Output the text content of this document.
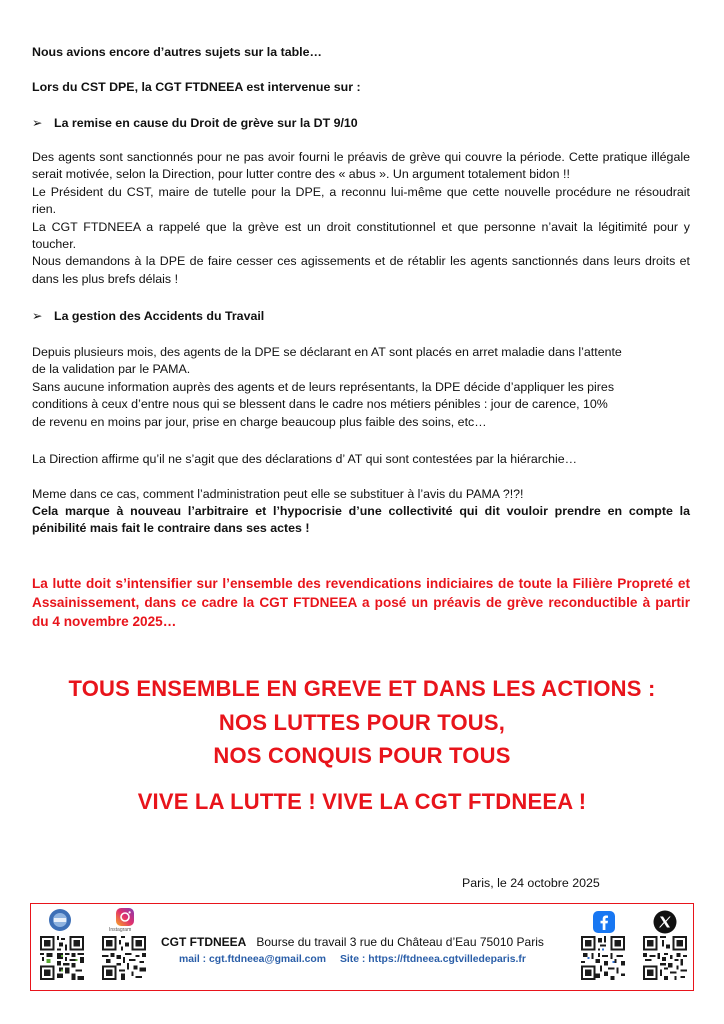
Nous avions encore d’autres sujets sur la table…
Lors du CST DPE, la CGT FTDNEEA est intervenue sur :
➢ La remise en cause du Droit de grève sur la DT 9/10
Des agents sont sanctionnés pour ne pas avoir fourni le préavis de grève qui couvre la période. Cette pratique illégale serait motivée, selon la Direction, pour lutter contre des « abus ». Un argument totalement bidon !!
Le Président du CST, maire de tutelle pour la DPE, a reconnu lui-même que cette nouvelle procédure ne résoudrait rien.
La CGT FTDNEEA a rappelé que la grève est un droit constitutionnel et que personne n’avait la légitimité pour y toucher.
Nous demandons à la DPE de faire cesser ces agissements et de rétablir les agents sanctionnés dans leurs droits et dans les plus brefs délais !
➢ La gestion des Accidents du Travail
Depuis plusieurs mois, des agents de la DPE se déclarant en AT sont placés en arret maladie dans l’attente
de la validation par le PAMA.
Sans aucune information auprès des agents et de leurs représentants, la DPE décide d’appliquer les pires
conditions à ceux d’entre nous qui se blessent dans le cadre nos métiers pénibles : jour de carence, 10%
de revenu en moins par jour, prise en charge beaucoup plus faible des soins, etc…
La Direction affirme qu’il ne s’agit que des déclarations d’ AT qui sont contestées par la hiérarchie…
Meme dans ce cas, comment l’administration peut elle se substituer à l’avis du PAMA ?!?!
Cela marque à nouveau l’arbitraire et l’hypocrisie d’une collectivité qui dit vouloir prendre en compte la pénibilité mais fait le contraire dans ses actes !
La lutte doit s’intensifier sur l’ensemble des revendications indiciaires de toute la Filière Propreté et Assainissement, dans ce cadre la CGT FTDNEEA a posé un préavis de grève reconductible à partir du 4 novembre 2025…
TOUS ENSEMBLE EN GREVE ET DANS LES ACTIONS :
NOS LUTTES POUR TOUS,
NOS CONQUIS POUR TOUS
VIVE LA LUTTE ! VIVE LA CGT FTDNEEA !
Paris, le 24 octobre 2025
Instagram
CGT FTDNEEA Bourse du travail 3 rue du Château d’Eau 75010 Paris
mail : cgt.ftdneea@gmail.com Site : https://ftdneea.cgtvilledeparis.fr
